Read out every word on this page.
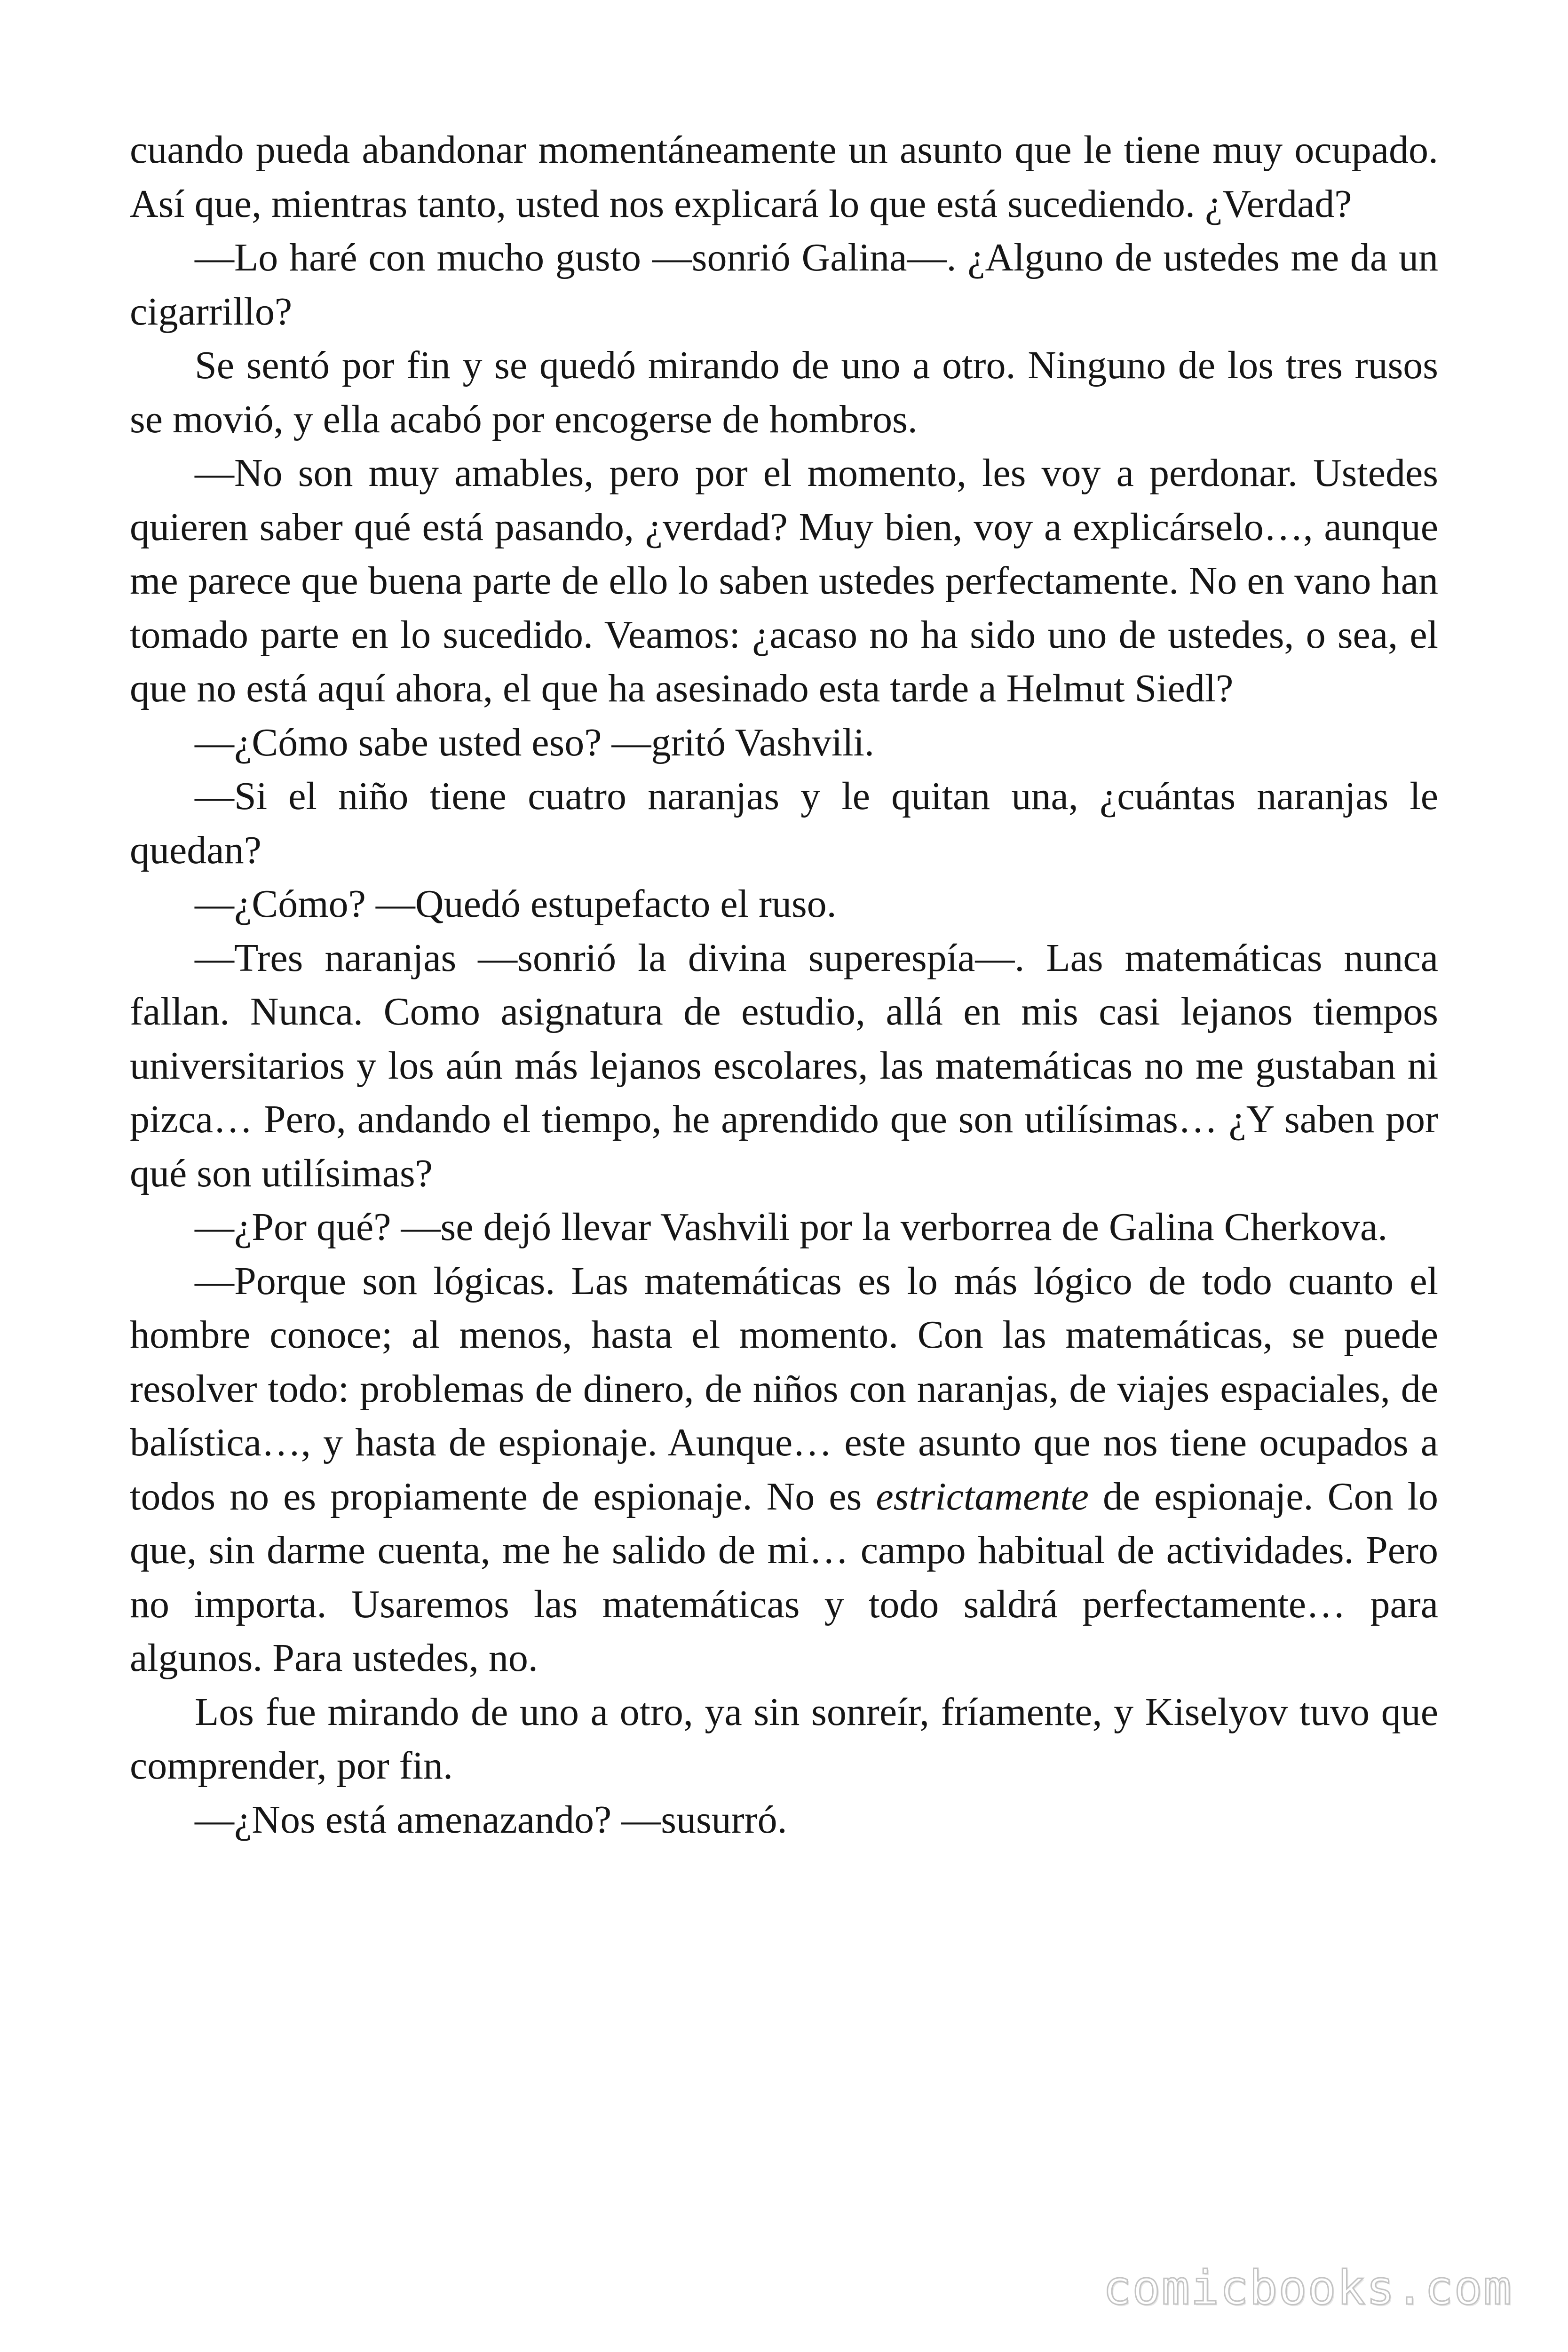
cuando pueda abandonar momentáneamente un asunto que le tiene muy ocupado. Así que, mientras tanto, usted nos explicará lo que está sucediendo. ¿Verdad?

—Lo haré con mucho gusto —sonrió Galina—. ¿Alguno de ustedes me da un cigarrillo?

Se sentó por fin y se quedó mirando de uno a otro. Ninguno de los tres rusos se movió, y ella acabó por encogerse de hombros.

—No son muy amables, pero por el momento, les voy a perdonar. Ustedes quieren saber qué está pasando, ¿verdad? Muy bien, voy a explicárselo…, aunque me parece que buena parte de ello lo saben ustedes perfectamente. No en vano han tomado parte en lo sucedido. Veamos: ¿acaso no ha sido uno de ustedes, o sea, el que no está aquí ahora, el que ha asesinado esta tarde a Helmut Siedl?

—¿Cómo sabe usted eso? —gritó Vashvili.

—Si el niño tiene cuatro naranjas y le quitan una, ¿cuántas naranjas le quedan?

—¿Cómo? —Quedó estupefacto el ruso.

—Tres naranjas —sonrió la divina superespía—. Las matemáticas nunca fallan. Nunca. Como asignatura de estudio, allá en mis casi lejanos tiempos universitarios y los aún más lejanos escolares, las matemáticas no me gustaban ni pizca… Pero, andando el tiempo, he aprendido que son utilísimas… ¿Y saben por qué son utilísimas?

—¿Por qué? —se dejó llevar Vashvili por la verborrea de Galina Cherkova.

—Porque son lógicas. Las matemáticas es lo más lógico de todo cuanto el hombre conoce; al menos, hasta el momento. Con las matemáticas, se puede resolver todo: problemas de dinero, de niños con naranjas, de viajes espaciales, de balística…, y hasta de espionaje. Aunque… este asunto que nos tiene ocupados a todos no es propiamente de espionaje. No es estrictamente de espionaje. Con lo que, sin darme cuenta, me he salido de mi… campo habitual de actividades. Pero no importa. Usaremos las matemáticas y todo saldrá perfectamente… para algunos. Para ustedes, no.

Los fue mirando de uno a otro, ya sin sonreír, fríamente, y Kiselyov tuvo que comprender, por fin.

—¿Nos está amenazando? —susurró.

comicbooks.com
